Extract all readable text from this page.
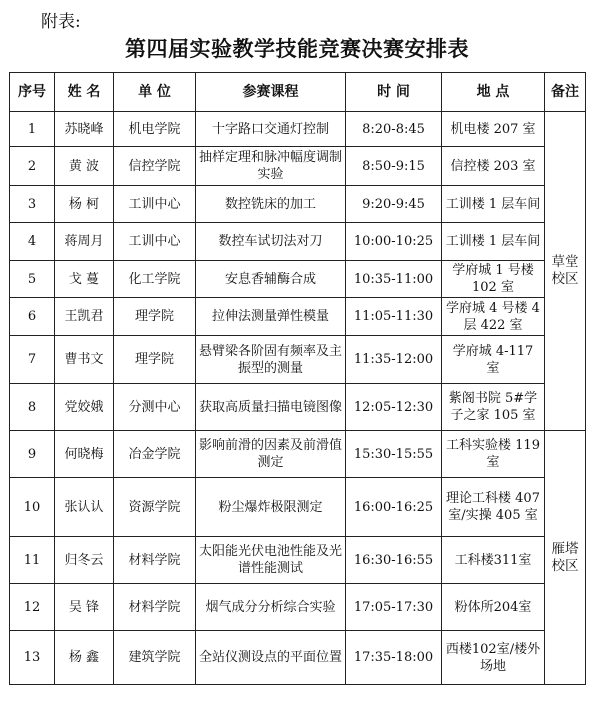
附表:
第四届实验教学技能竞赛决赛安排表
序号	姓 名	单 位	参赛课程	时 间	地 点	备注
1	苏晓峰	机电学院	十字路口交通灯控制	8:20-8:45	机电楼 207 室	草堂校区
2	黄 波	信控学院	抽样定理和脉冲幅度调制实验	8:50-9:15	信控楼 203 室	
3	杨 柯	工训中心	数控铣床的加工	9:20-9:45	工训楼 1 层车间	
4	蒋周月	工训中心	数控车试切法对刀	10:00-10:25	工训楼 1 层车间	
5	戈 蔓	化工学院	安息香辅酶合成	10:35-11:00	学府城 1 号楼 102 室	
6	王凯君	理学院	拉伸法测量弹性模量	11:05-11:30	学府城 4 号楼 4 层 422 室	
7	曹书文	理学院	悬臂梁各阶固有频率及主振型的测量	11:35-12:00	学府城 4-117 室	
8	党姣娥	分测中心	获取高质量扫描电镜图像	12:05-12:30	紫阁书院 5#学子之家 105 室	
9	何晓梅	冶金学院	影响前滑的因素及前滑值测定	15:30-15:55	工科实验楼 119室	雁塔校区
10	张认认	资源学院	粉尘爆炸极限测定	16:00-16:25	理论工科楼 407 室/实操 405 室	
11	归冬云	材料学院	太阳能光伏电池性能及光谱性能测试	16:30-16:55	工科楼311室	
12	吴 锋	材料学院	烟气成分分析综合实验	17:05-17:30	粉体所204室	
13	杨 鑫	建筑学院	全站仪测设点的平面位置	17:35-18:00	西楼102室/楼外场地	
